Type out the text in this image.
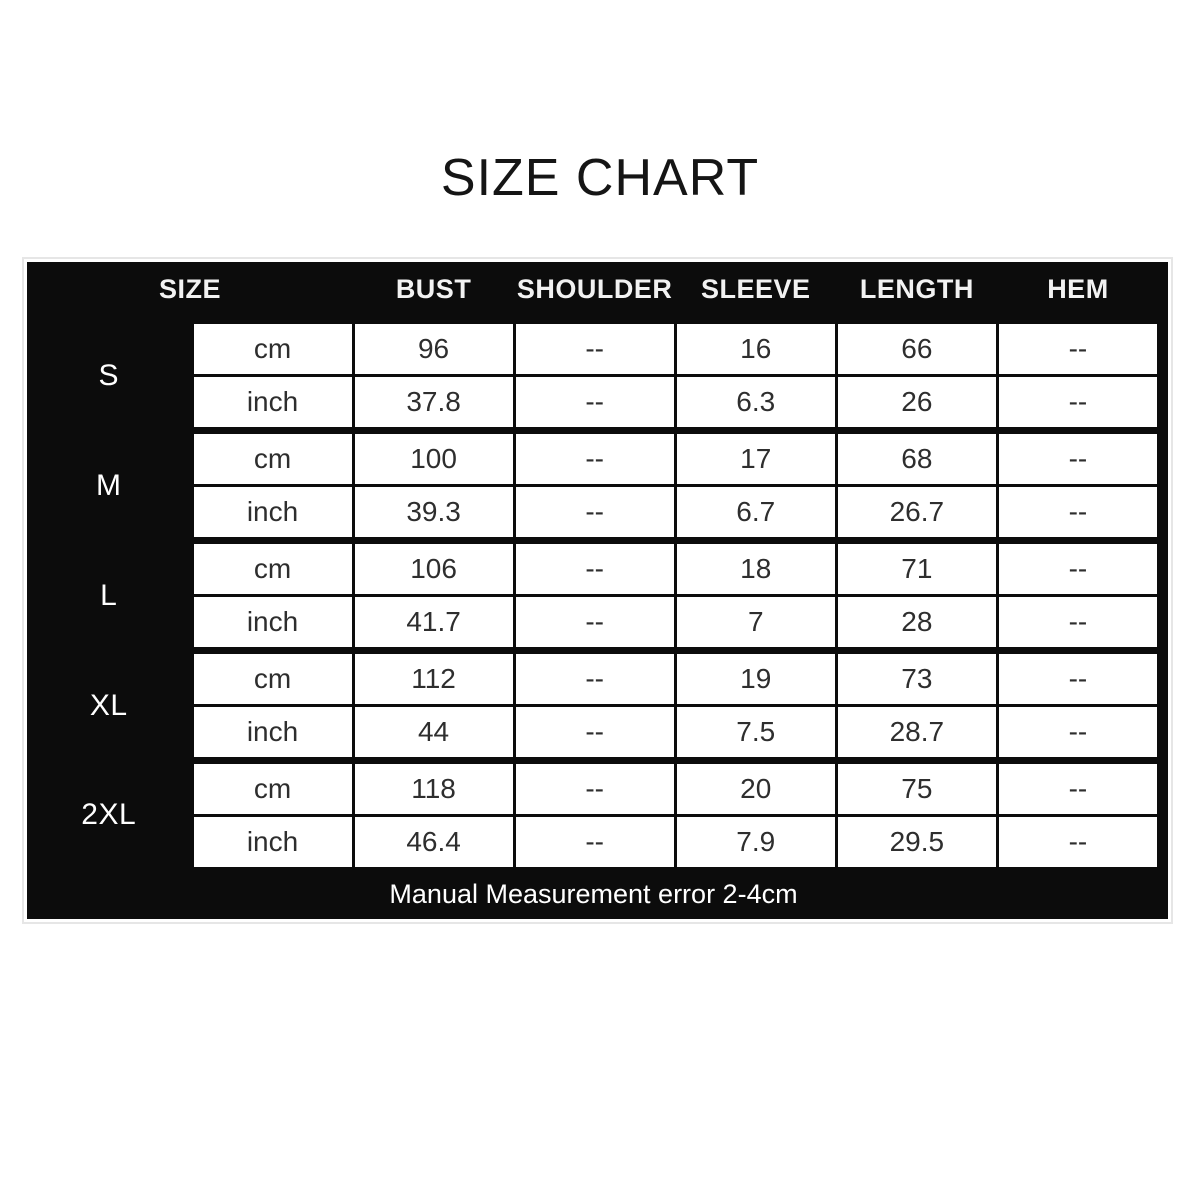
SIZE CHART
SIZE		BUST	SHOULDER	SLEEVE	LENGTH	HEM
S	cm	96	--	16	66	--
	inch	37.8	--	6.3	26	--
M	cm	100	--	17	68	--
	inch	39.3	--	6.7	26.7	--
L	cm	106	--	18	71	--
	inch	41.7	--	7	28	--
XL	cm	112	--	19	73	--
	inch	44	--	7.5	28.7	--
2XL	cm	118	--	20	75	--
	inch	46.4	--	7.9	29.5	--
Manual Measurement error 2-4cm
